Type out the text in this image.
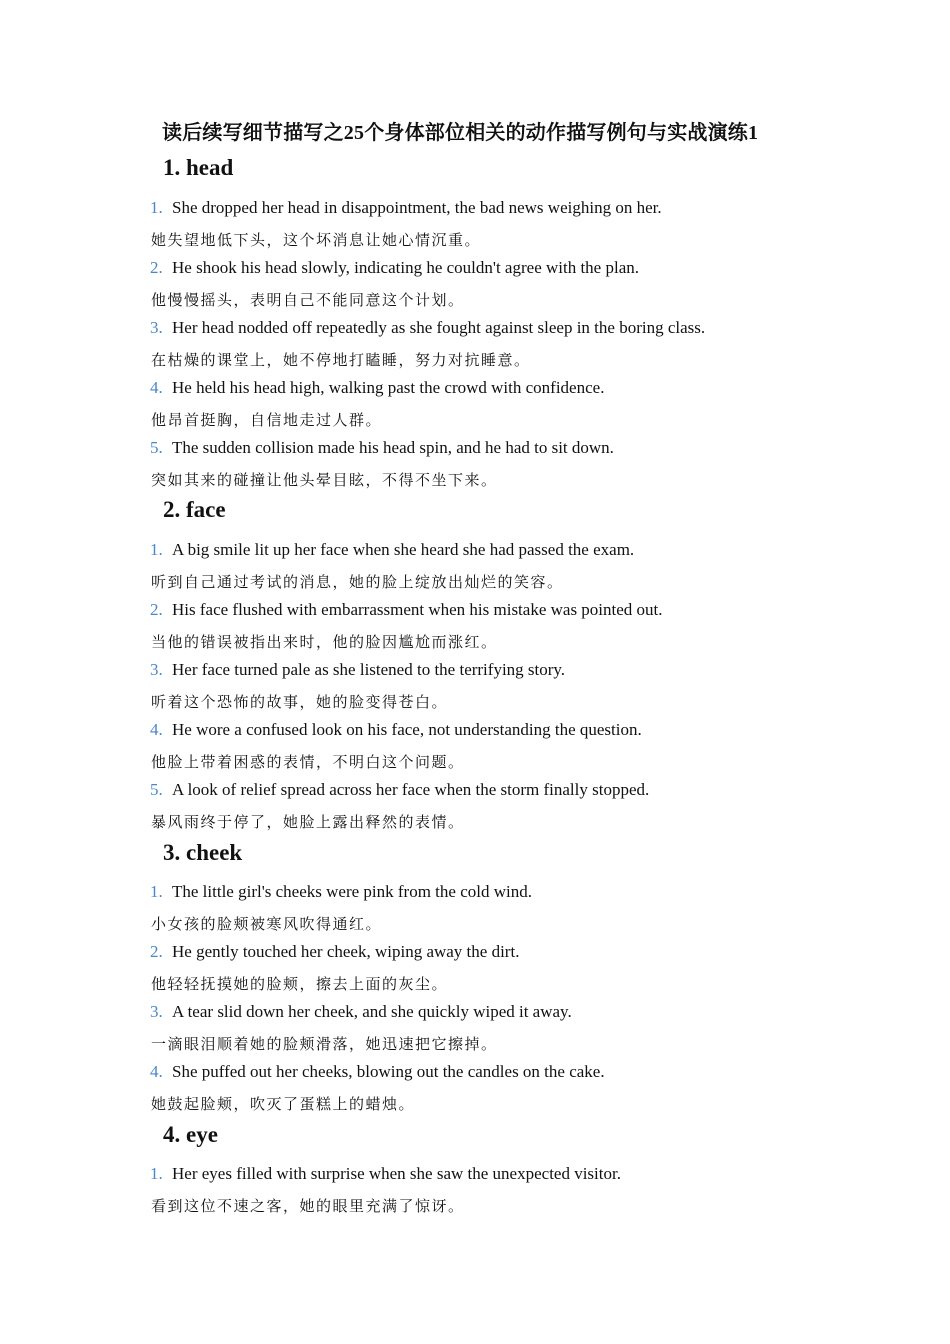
读后续写细节描写之25个身体部位相关的动作描写例句与实战演练1
1. head
1. She dropped her head in disappointment, the bad news weighing on her.
她失望地低下头，这个坏消息让她心情沉重。
2. He shook his head slowly, indicating he couldn't agree with the plan.
他慢慢摇头，表明自己不能同意这个计划。
3. Her head nodded off repeatedly as she fought against sleep in the boring class.
在枯燥的课堂上，她不停地打瞌睡，努力对抗睡意。
4. He held his head high, walking past the crowd with confidence.
他昂首挺胸，自信地走过人群。
5. The sudden collision made his head spin, and he had to sit down.
突如其来的碰撞让他头晕目眩，不得不坐下来。
2. face
1. A big smile lit up her face when she heard she had passed the exam.
听到自己通过考试的消息，她的脸上绽放出灿烂的笑容。
2. His face flushed with embarrassment when his mistake was pointed out.
当他的错误被指出来时，他的脸因尴尬而涨红。
3. Her face turned pale as she listened to the terrifying story.
听着这个恐怖的故事，她的脸变得苍白。
4. He wore a confused look on his face, not understanding the question.
他脸上带着困惑的表情，不明白这个问题。
5. A look of relief spread across her face when the storm finally stopped.
暴风雨终于停了，她脸上露出释然的表情。
3. cheek
1. The little girl's cheeks were pink from the cold wind.
小女孩的脸颊被寒风吹得通红。
2. He gently touched her cheek, wiping away the dirt.
他轻轻抚摸她的脸颊，擦去上面的灰尘。
3. A tear slid down her cheek, and she quickly wiped it away.
一滴眼泪顺着她的脸颊滑落，她迅速把它擦掉。
4. She puffed out her cheeks, blowing out the candles on the cake.
她鼓起脸颊，吹灭了蛋糕上的蜡烛。
4. eye
1. Her eyes filled with surprise when she saw the unexpected visitor.
看到这位不速之客，她的眼里充满了惊讶。
